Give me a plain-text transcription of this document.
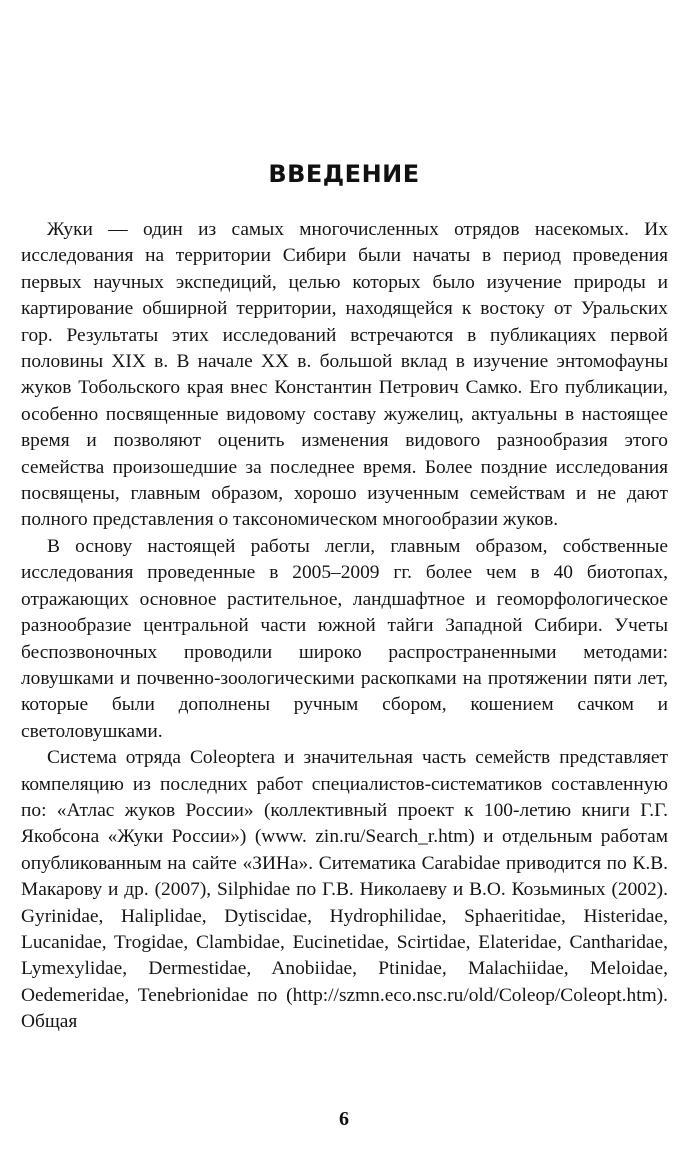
ВВЕДЕНИЕ

Жуки — один из самых многочисленных отрядов насекомых. Их исследования на территории Сибири были начаты в период проведения первых научных экспедиций, целью которых было изучение природы и картирование обширной территории, находящейся к востоку от Уральских гор. Результаты этих исследований встречаются в публикациях первой половины XIX в. В начале XX в. большой вклад в изучение энтомофауны жуков Тобольского края внес Константин Петрович Самко. Его публикации, особенно посвященные видовому составу жужелиц, актуальны в настоящее время и позволяют оценить изменения видового разнообразия этого семейства произошедшие за последнее время. Более поздние исследования посвящены, главным образом, хорошо изученным семействам и не дают полного представления о таксономическом многообразии жуков.

В основу настоящей работы легли, главным образом, собственные исследования проведенные в 2005–2009 гг. более чем в 40 биотопах, отражающих основное растительное, ландшафтное и геоморфологическое разнообразие центральной части южной тайги Западной Сибири. Учеты беспозвоночных проводили широко распространенными методами: ловушками и почвенно-зоологическими раскопками на протяжении пяти лет, которые были дополнены ручным сбором, кошением сачком и светоловушками.

Система отряда Coleoptera и значительная часть семейств представляет компеляцию из последних работ специалистов-систематиков составленную по: «Атлас жуков России» (коллективный проект к 100-летию книги Г.Г. Якобсона «Жуки России») (www. zin.ru/Search_r.htm) и отдельным работам опубликованным на сайте «ЗИНа». Ситематика Carabidae приводится по К.В. Макарову и др. (2007), Silphidae по Г.В. Николаеву и В.О. Козьминых (2002). Gyrinidae, Haliplidae, Dytiscidae, Hydrophilidae, Sphaeritidae, Histeridae, Lucanidae, Trogidae, Clambidae, Eucinetidae, Scirtidae, Elateridae, Cantharidae, Lymexylidae, Dermestidae, Anobiidae, Ptinidae, Malachiidae, Meloidae, Oedemeridae, Tenebrionidae по (http://szmn.eco.nsc.ru/old/Coleop/Coleopt.htm). Общая

6
